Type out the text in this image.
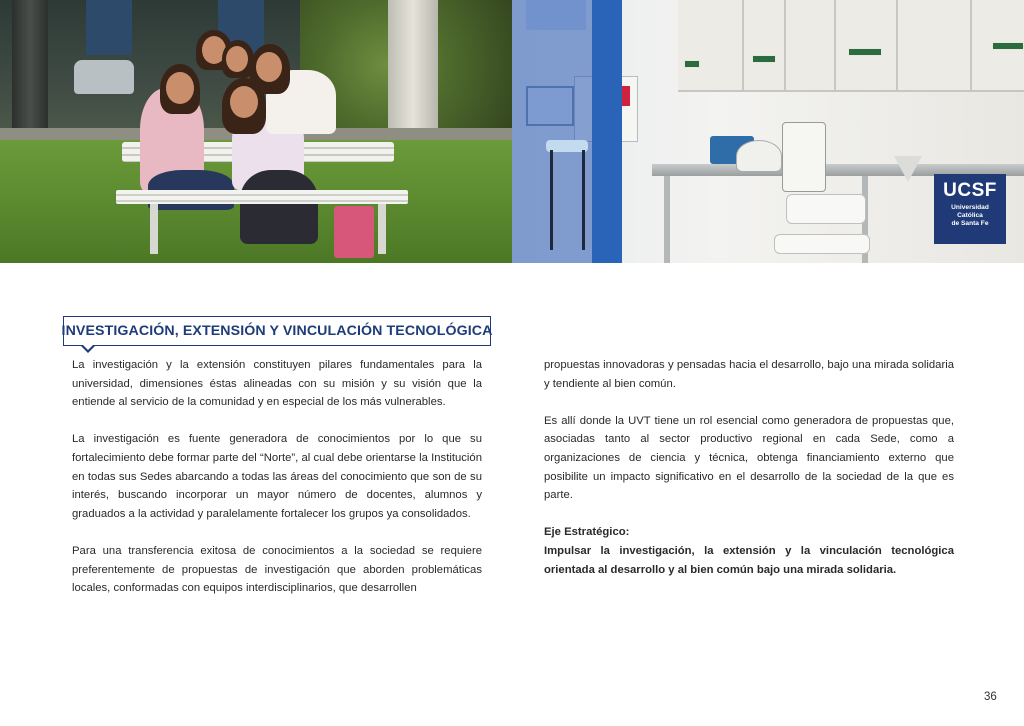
UCSF
Universidad Católica
de Santa Fe
INVESTIGACIÓN, EXTENSIÓN Y VINCULACIÓN TECNOLÓGICA

La investigación y la extensión constituyen pilares fundamentales para la universidad, dimensiones éstas alineadas con su misión y su visión que la entiende al servicio de la comunidad y en especial de los más vulnerables.

La investigación es fuente generadora de conocimientos por lo que su fortalecimiento debe formar parte del “Norte”, al cual debe orientarse la Institución en todas sus Sedes abarcando a todas las áreas del conocimiento que son de su interés, buscando incorporar un mayor número de docentes, alumnos y graduados a la actividad y paralelamente fortalecer los grupos ya consolidados.

Para una transferencia exitosa de conocimientos a la sociedad se requiere preferentemente de propuestas de investigación que aborden problemáticas locales, conformadas con equipos interdisciplinarios, que desarrollen

propuestas innovadoras y pensadas hacia el desarrollo, bajo una mirada solidaria y tendiente al bien común.

Es allí donde la UVT tiene un rol esencial como generadora de propuestas que, asociadas tanto al sector productivo regional en cada Sede, como a organizaciones de ciencia y técnica, obtenga financiamiento externo que posibilite un impacto significativo en el desarrollo de la sociedad de la que es parte.

Eje Estratégico:

Impulsar la investigación, la extensión y la vinculación tecnológica orientada al desarrollo y al bien común bajo una mirada solidaria.

36
